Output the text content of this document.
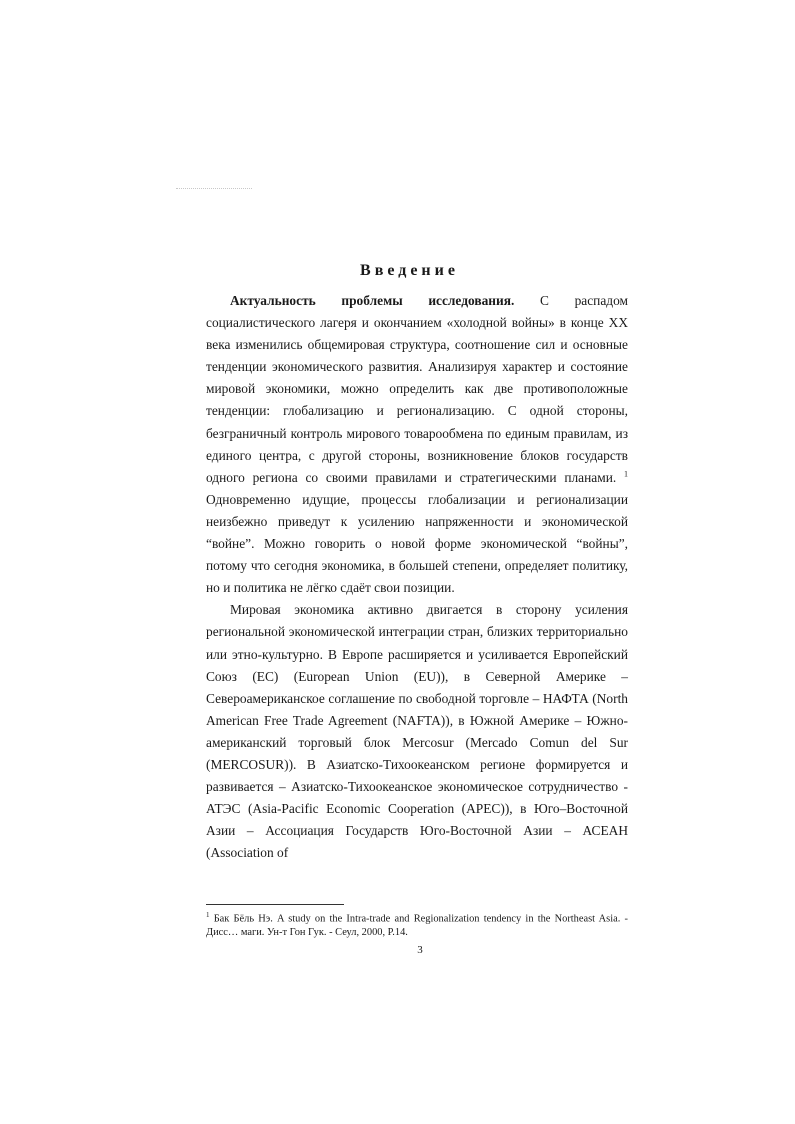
Введение

Актуальность проблемы исследования. С распадом социалистического лагеря и окончанием «холодной войны» в конце XX века изменились общемировая структура, соотношение сил и основные тенденции экономического развития. Анализируя характер и состояние мировой экономики, можно определить как две противоположные тенденции: глобализацию и регионализацию. С одной стороны, безграничный контроль мирового товарообмена по единым правилам, из единого центра, с другой стороны, возникновение блоков государств одного региона со своими правилами и стратегическими планами. $^1$ Одновременно идущие, процессы глобализации и регионализации неизбежно приведут к усилению напряженности и экономической “войне”. Можно говорить о новой форме экономической “войны”, потому что сегодня экономика, в большей степени, определяет политику, но и политика не лёгко сдаёт свои позиции.

Мировая экономика активно двигается в сторону усиления региональной экономической интеграции стран, близких территориально или этно-культурно. В Европе расширяется и усиливается Европейский Союз (ЕС) (European Union (EU)), в Северной Америке – Североамериканское соглашение по свободной торговле – НАФТА (North American Free Trade Agreement (NAFTA)), в Южной Америке – Южно-американский торговый блок Mercosur (Mercado Comun del Sur (MERCOSUR)). В Азиатско-Тихоокеанском регионе формируется и развивается – Азиатско-Тихоокеанское экономическое сотрудничество - АТЭС (Asia-Pacific Economic Cooperation (APEC)), в Юго–Восточной Азии – Ассоциация Государств Юго-Восточной Азии – АСЕАН (Association of

$^1$ Бак Бёль Нэ. A study on the Intra-trade and Regionalization tendency in the Northeast Asia. - Дисс… маги. Ун-т Гон Гук. - Сеул, 2000, P.14.
3
